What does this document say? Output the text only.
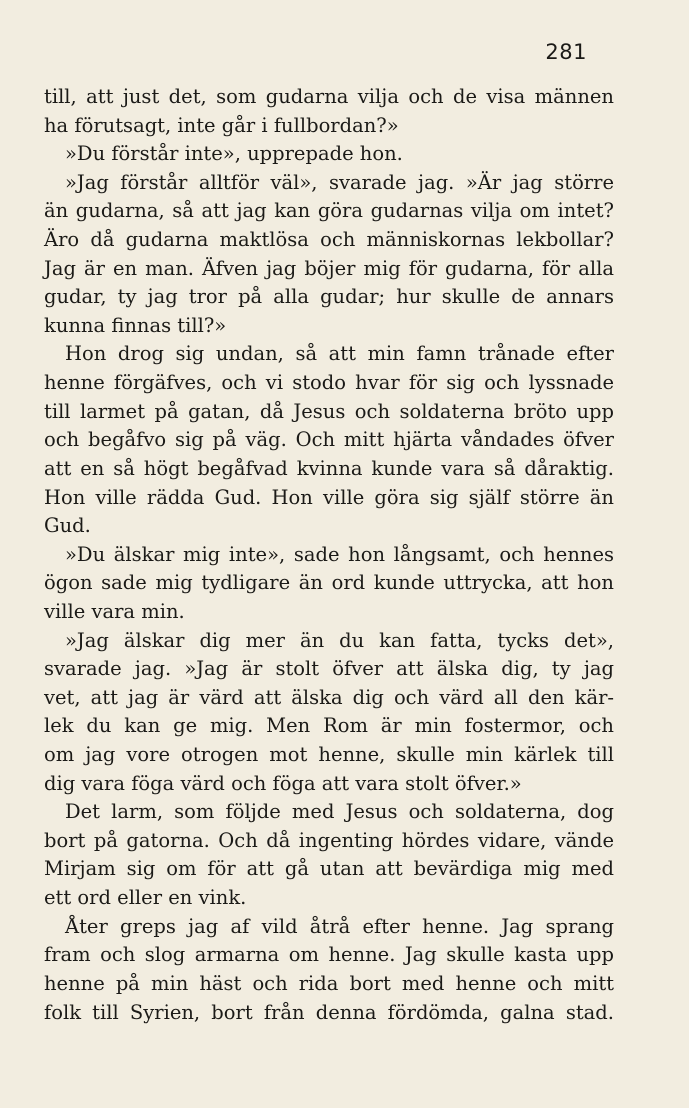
281
till, att just det, som gudarna vilja och de visa männen
ha förutsagt, inte går i fullbordan?»
»Du förstår inte», upprepade hon.
»Jag förstår alltför väl», svarade jag. »Är jag större
än gudarna, så att jag kan göra gudarnas vilja om intet?
Äro då gudarna maktlösa och människornas lekbollar?
Jag är en man. Äfven jag böjer mig för gudarna, för alla
gudar, ty jag tror på alla gudar; hur skulle de annars
kunna finnas till?»
Hon drog sig undan, så att min famn trånade efter
henne förgäfves, och vi stodo hvar för sig och lyssnade
till larmet på gatan, då Jesus och soldaterna bröto upp
och begåfvo sig på väg. Och mitt hjärta våndades öfver
att en så högt begåfvad kvinna kunde vara så dåraktig.
Hon ville rädda Gud. Hon ville göra sig själf större än
Gud.
»Du älskar mig inte», sade hon långsamt, och hennes
ögon sade mig tydligare än ord kunde uttrycka, att hon
ville vara min.
»Jag älskar dig mer än du kan fatta, tycks det»,
svarade jag. »Jag är stolt öfver att älska dig, ty jag
vet, att jag är värd att älska dig och värd all den kär-
lek du kan ge mig. Men Rom är min fostermor, och
om jag vore otrogen mot henne, skulle min kärlek till
dig vara föga värd och föga att vara stolt öfver.»
Det larm, som följde med Jesus och soldaterna, dog
bort på gatorna. Och då ingenting hördes vidare, vände
Mirjam sig om för att gå utan att bevärdiga mig med
ett ord eller en vink.
Åter greps jag af vild åtrå efter henne. Jag sprang
fram och slog armarna om henne. Jag skulle kasta upp
henne på min häst och rida bort med henne och mitt
folk till Syrien, bort från denna fördömda, galna stad.
